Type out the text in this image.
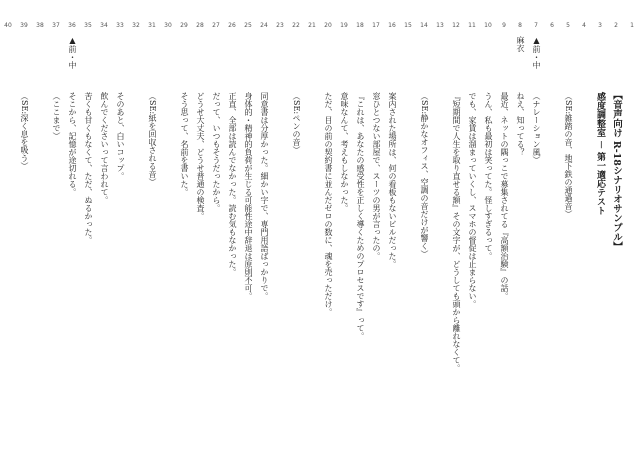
1
2
【音声向け R-18シナリオサンプル】
3
感度調整室 － 第一適応テスト
4
5
（SE:雑踏の音、地下鉄の通過音）
6
7
▲前・中
（ナレーション風）
8
麻衣
ねえ、知ってる？
9
最近、ネットの隅っこで募集されてる『高額治験』の話。
10
うん、私も最初は笑ってた。怪しすぎるって。
11
でも、家賃は溜まっていくし、スマホの督促は止まらない。
12
『短期間で人生を取り直せる額』その文字が、どうしても頭から離れなくて。
13
14
（SE:静かなオフィス、空調の音だけが響く）
15
16
案内された場所は、何の看板もないビルだった。
17
窓ひとつない部屋で、スーツの男が言ったの。
18
『これは、あなたの感受性を正しく導くためのプロセスです』って。
19
意味なんて、考えもしなかった。
20
ただ、目の前の契約書に並んだゼロの数に、魂を売っただけ。
21
22
（SE:ペンの音）
23
24
同意書は分厚かった。細かい字で、専門用語ばっかりで。
25
身体的・精神的負荷が生じる可能性途中辞退は原則不可。
26
正直、全部は読んでなかった。読む気もなかった。
27
だって、いつもそうだったから。
28
どうせ大丈夫、どうせ普通の検査。
29
そう思って、名前を書いた。
30
31
（SE:紙を回収される音）
32
33
そのあと、白いコップ。
34
飲んでくださいって言われて。
35
苦くも甘くもなくて、ただ、ぬるかった。
36
▲前・中
そこから、記憶が途切れる。
37
（ここまで）
38
39
（SE:深く息を吸う）
40
